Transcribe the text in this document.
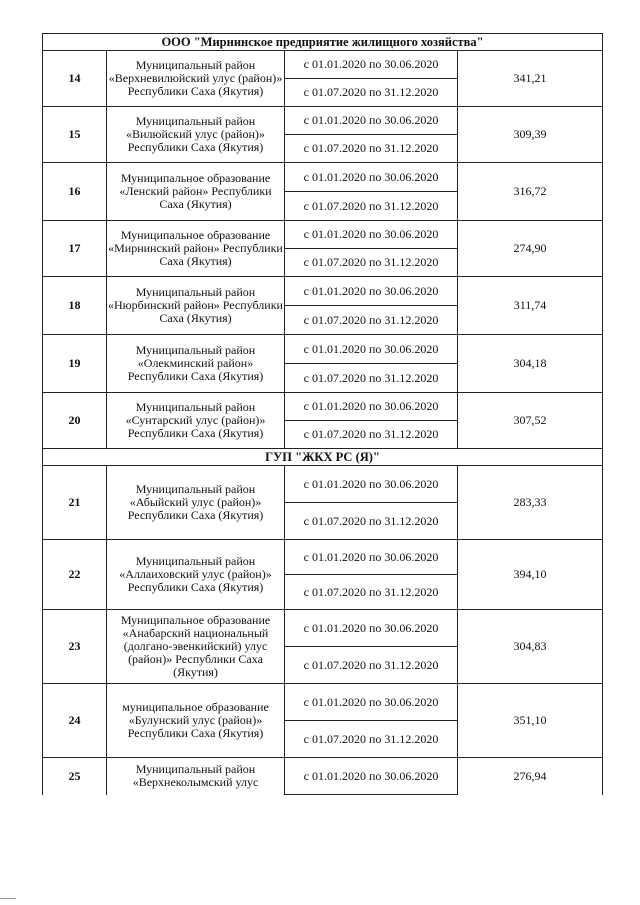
ООО "Мирнинское предприятие жилищного хозяйства"			
14	Муниципальный район «Верхневилюйский улус (район)» Республики Саха (Якутия)	с 01.01.2020 по 30.06.2020	341,21
		с 01.07.2020 по 31.12.2020	
15	Муниципальный район «Вилюйский улус (район)» Республики Саха (Якутия)	с 01.01.2020 по 30.06.2020	309,39
		с 01.07.2020 по 31.12.2020	
16	Муниципальное образование «Ленский район» Республики Саха (Якутия)	с 01.01.2020 по 30.06.2020	316,72
		с 01.07.2020 по 31.12.2020	
17	Муниципальное образование «Мирнинский район» Республики Саха (Якутия)	с 01.01.2020 по 30.06.2020	274,90
		с 01.07.2020 по 31.12.2020	
18	Муниципальный район «Нюрбинский район» Республики Саха (Якутия)	с 01.01.2020 по 30.06.2020	311,74
		с 01.07.2020 по 31.12.2020	
19	Муниципальный район «Олекминский район» Республики Саха (Якутия)	с 01.01.2020 по 30.06.2020	304,18
		с 01.07.2020 по 31.12.2020	
20	Муниципальный район «Сунтарский улус (район)» Республики Саха (Якутия)	с 01.01.2020 по 30.06.2020	307,52
		с 01.07.2020 по 31.12.2020	
ГУП "ЖКХ РС (Я)"			
21	Муниципальный район «Абыйский улус (район)» Республики Саха (Якутия)	с 01.01.2020 по 30.06.2020	283,33
		с 01.07.2020 по 31.12.2020	
22	Муниципальный район «Аллаиховский улус (район)» Республики Саха (Якутия)	с 01.01.2020 по 30.06.2020	394,10
		с 01.07.2020 по 31.12.2020	
23	Муниципальное образование «Анабарский национальный (долгано-эвенкийский) улус (район)» Республики Саха (Якутия)	с 01.01.2020 по 30.06.2020	304,83
		с 01.07.2020 по 31.12.2020	
24	муниципальное образование «Булунский улус (район)» Республики Саха (Якутия)	с 01.01.2020 по 30.06.2020	351,10
		с 01.07.2020 по 31.12.2020	
25	Муниципальный район «Верхнеколымский улус	с 01.01.2020 по 30.06.2020	276,94
